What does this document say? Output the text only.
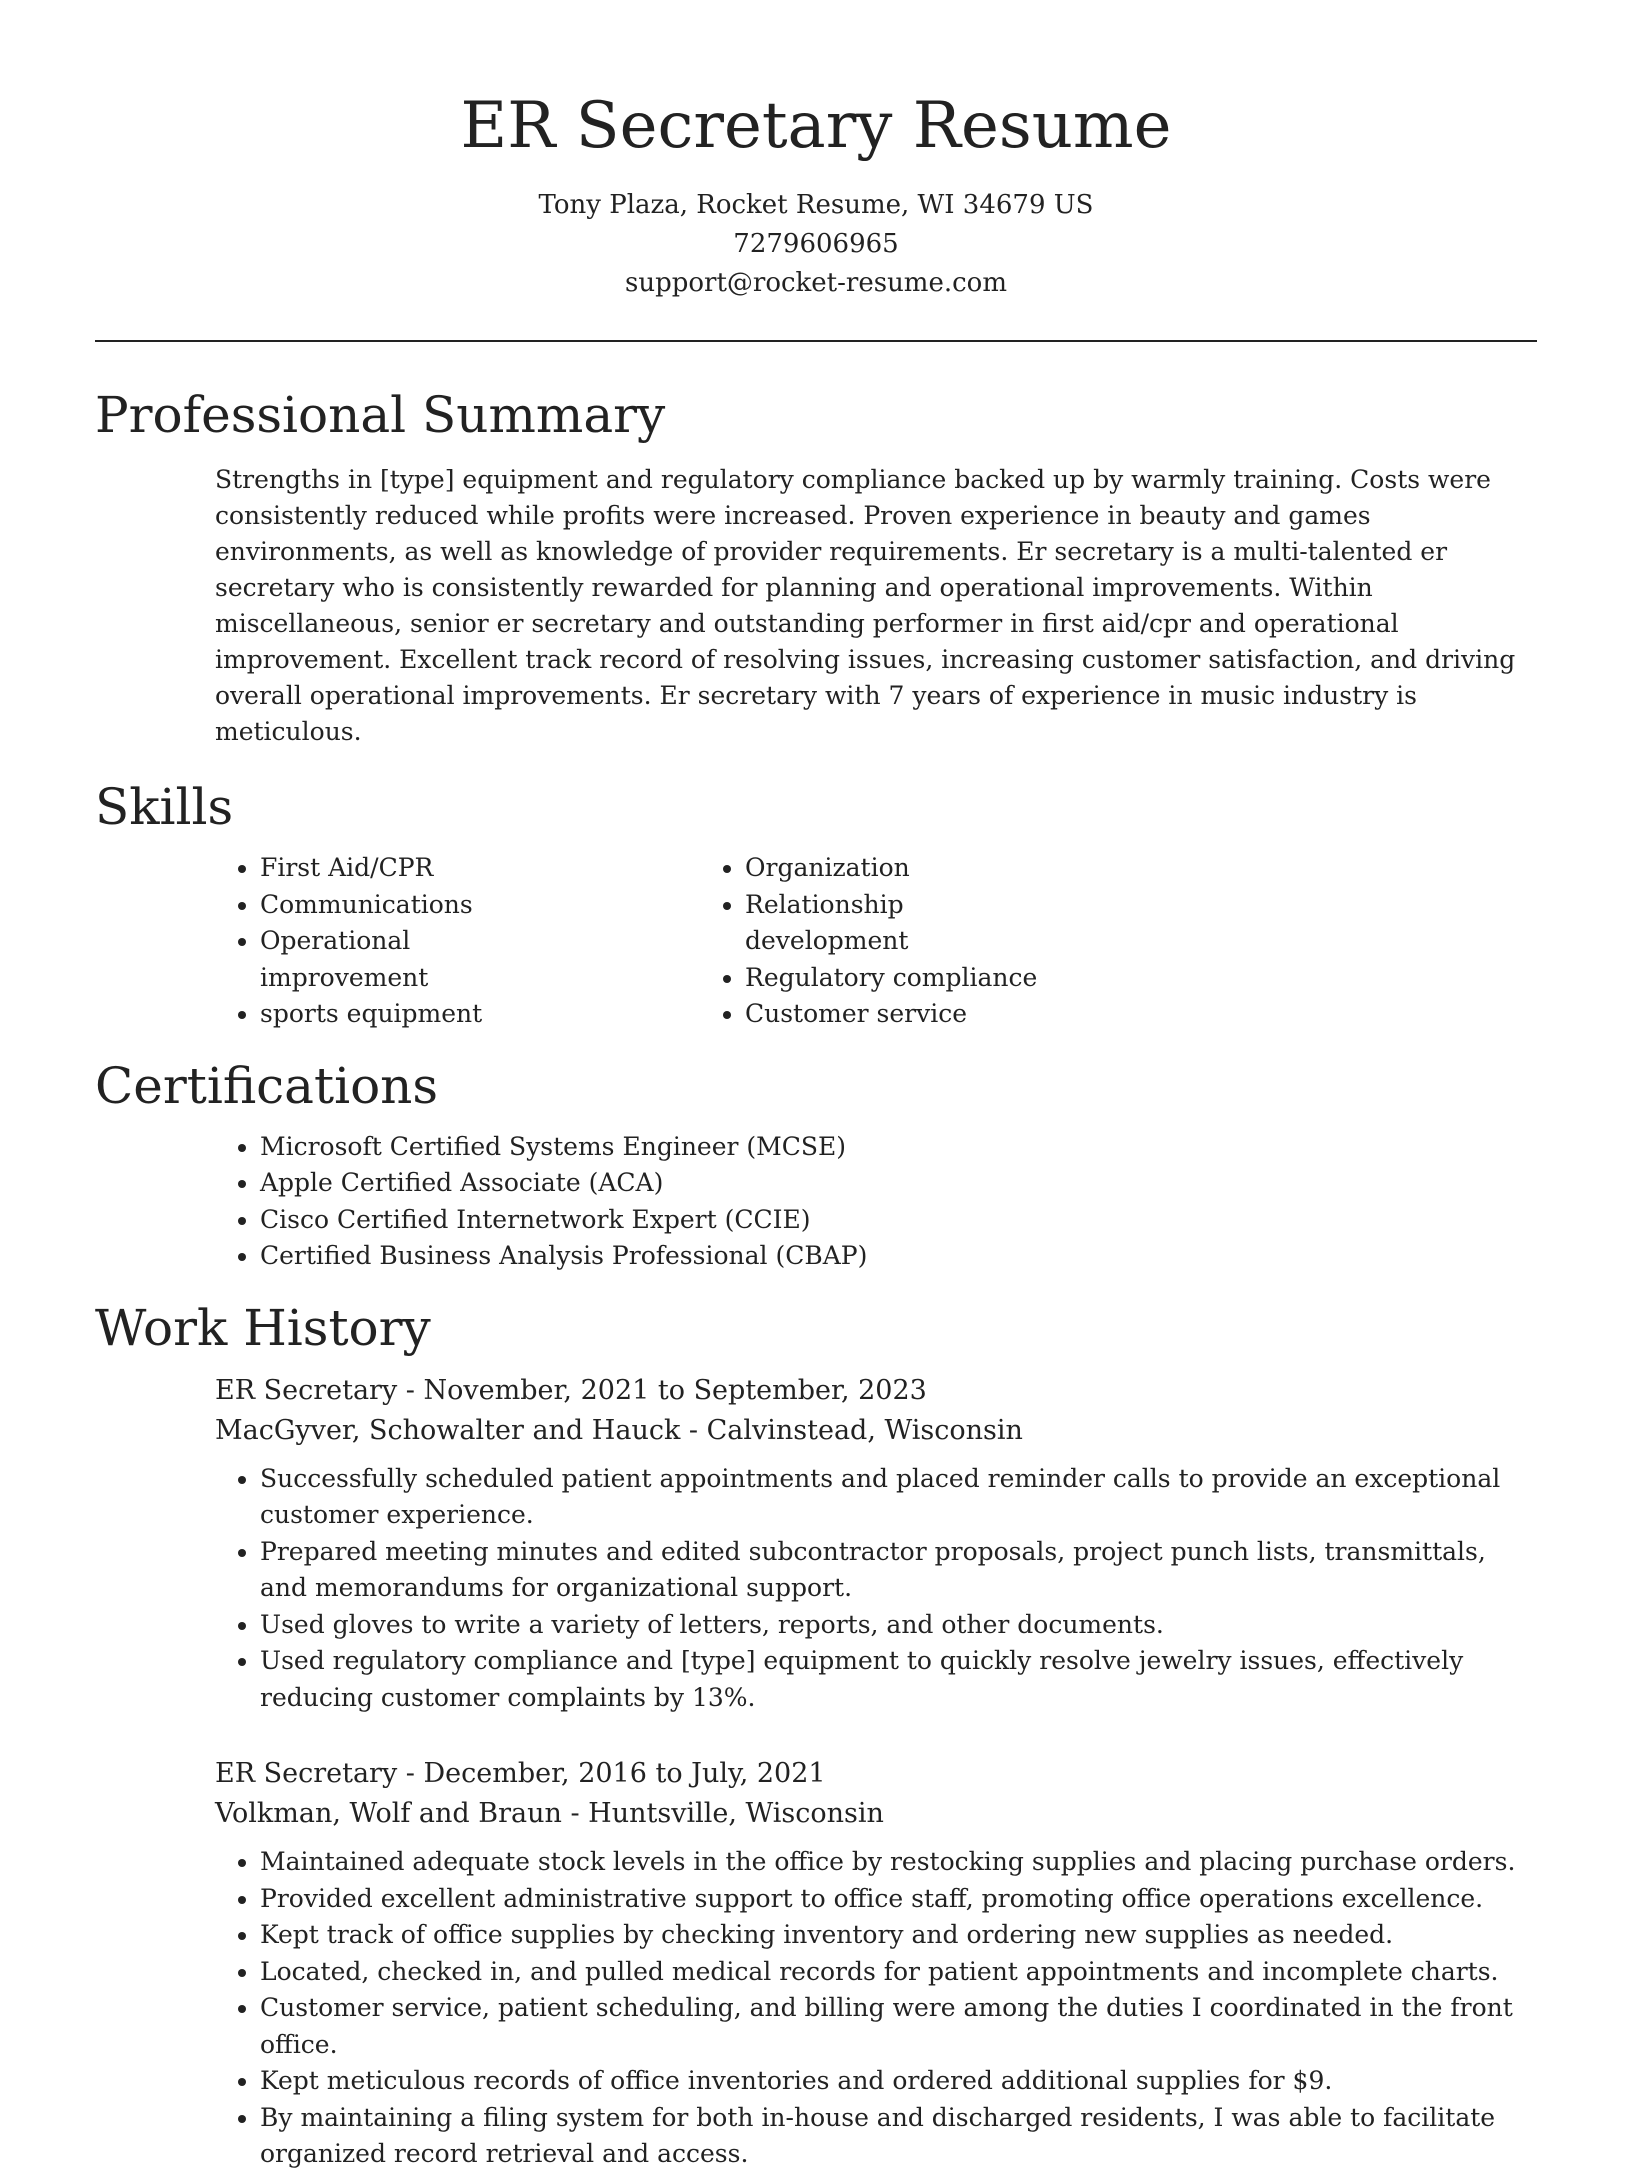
ER Secretary Resume
Tony Plaza, Rocket Resume, WI 34679 US
7279606965
support@rocket-resume.com
Professional Summary

Strengths in [type] equipment and regulatory compliance backed up by warmly training. Costs were consistently reduced while profits were increased. Proven experience in beauty and games environments, as well as knowledge of provider requirements. Er secretary is a multi-talented er secretary who is consistently rewarded for planning and operational improvements. Within miscellaneous, senior er secretary and outstanding performer in first aid/cpr and operational improvement. Excellent track record of resolving issues, increasing customer satisfaction, and driving overall operational improvements. Er secretary with 7 years of experience in music industry is meticulous.

Skills
• First Aid/CPR
• Communications
• Operational improvement
• sports equipment
• Organization
• Relationship development
• Regulatory compliance
• Customer service
Certifications
• Microsoft Certified Systems Engineer (MCSE)
• Apple Certified Associate (ACA)
• Cisco Certified Internetwork Expert (CCIE)
• Certified Business Analysis Professional (CBAP)
Work History
ER Secretary - November, 2021 to September, 2023
MacGyver, Schowalter and Hauck - Calvinstead, Wisconsin
• Successfully scheduled patient appointments and placed reminder calls to provide an exceptional customer experience.
• Prepared meeting minutes and edited subcontractor proposals, project punch lists, transmittals, and memorandums for organizational support.
• Used gloves to write a variety of letters, reports, and other documents.
• Used regulatory compliance and [type] equipment to quickly resolve jewelry issues, effectively reducing customer complaints by 13%.
ER Secretary - December, 2016 to July, 2021
Volkman, Wolf and Braun - Huntsville, Wisconsin
• Maintained adequate stock levels in the office by restocking supplies and placing purchase orders.
• Provided excellent administrative support to office staff, promoting office operations excellence.
• Kept track of office supplies by checking inventory and ordering new supplies as needed.
• Located, checked in, and pulled medical records for patient appointments and incomplete charts.
• Customer service, patient scheduling, and billing were among the duties I coordinated in the front office.
• Kept meticulous records of office inventories and ordered additional supplies for $9.
• By maintaining a filing system for both in-house and discharged residents, I was able to facilitate organized record retrieval and access.
